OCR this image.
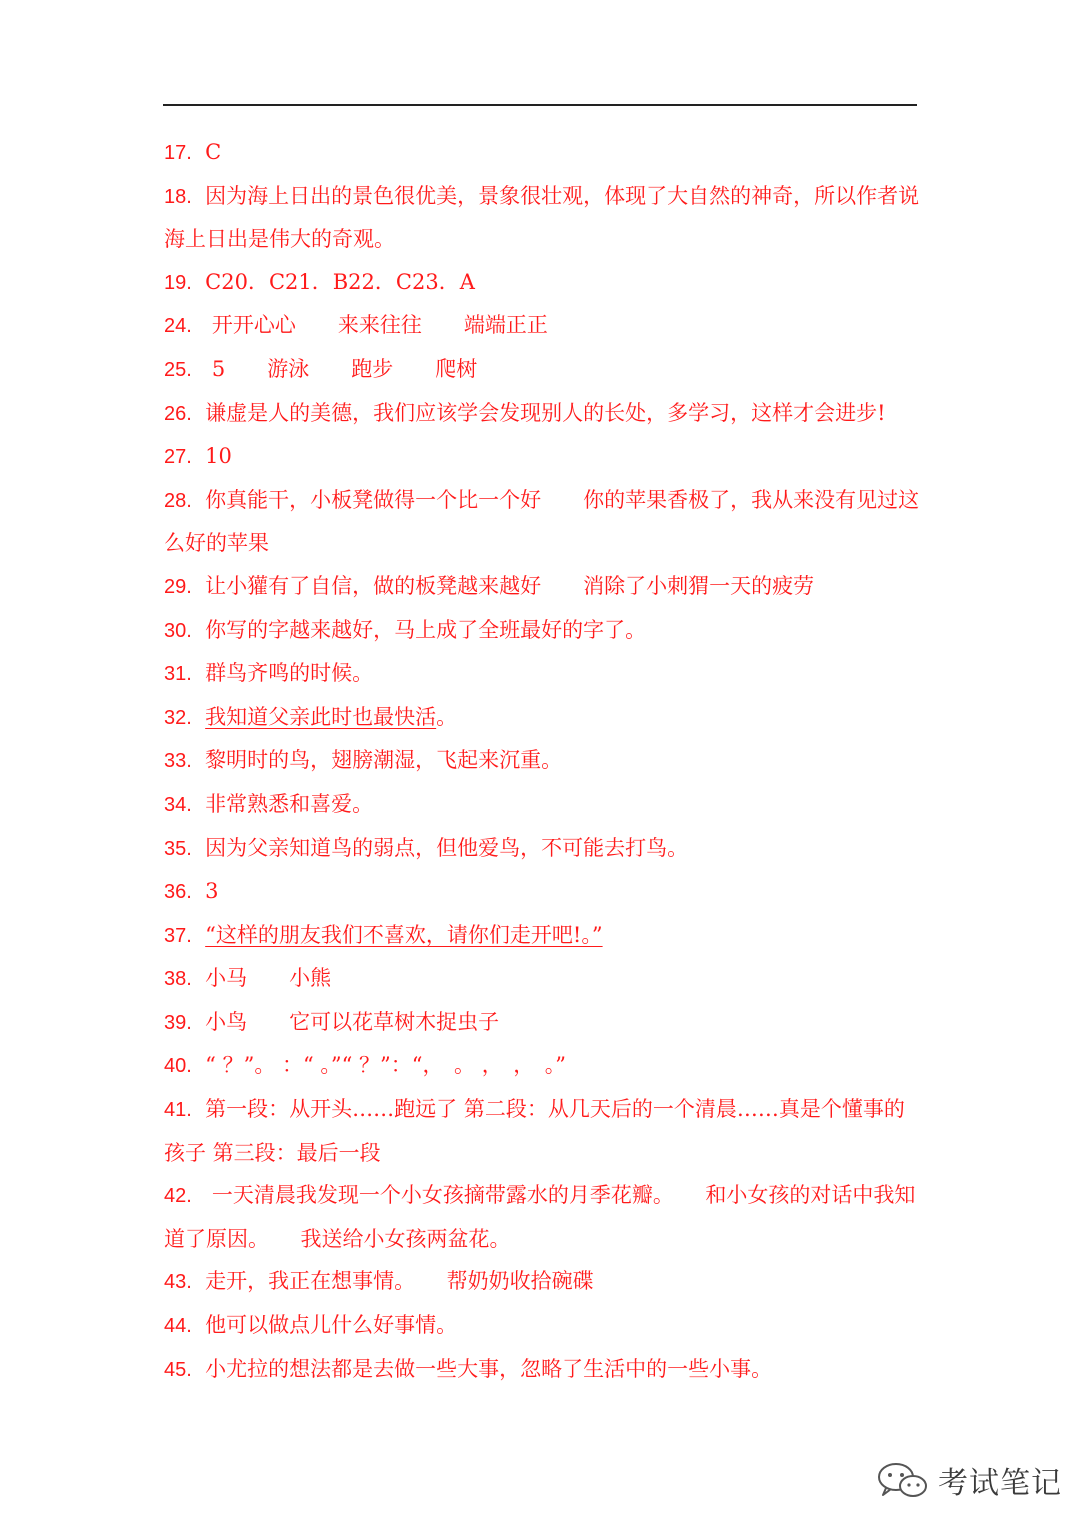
17. C
18. 因为海上日出的景色很优美，景象很壮观，体现了大自然的神奇，所以作者说海上日出是伟大的奇观。
19. C20．C21．B22．C23．A
24.   开开心心　　来来往往　　端端正正
25.   5　　游泳　　跑步　　爬树
26. 谦虚是人的美德，我们应该学会发现别人的长处，多学习，这样才会进步!
27. 10
28. 你真能干，小板凳做得一个比一个好　　你的苹果香极了，我从来没有见过这么好的苹果
29. 让小獾有了自信，做的板凳越来越好　　消除了小刺猬一天的疲劳
30. 你写的字越来越好，马上成了全班最好的字了。
31. 群鸟齐鸣的时候。
32. 我知道父亲此时也最快活。
33. 黎明时的鸟，翅膀潮湿，飞起来沉重。
34. 非常熟悉和喜爱。
35. 因为父亲知道鸟的弱点，但他爱鸟，不可能去打鸟。
36. 3
37. “这样的朋友我们不喜欢，请你们走开吧!。”
38. 小马　　小熊
39. 小鸟　　它可以花草树木捉虫子
40. “ ？”。 ：“ 。”“ ？”：“，　。 ，　，　。”
41. 第一段：从开头……跑远了 第二段：从几天后的一个清晨……真是个懂事的孩子 第三段：最后一段
42.   一天清晨我发现一个小女孩摘带露水的月季花瓣。　　和小女孩的对话中我知道了原因。　　我送给小女孩两盆花。
43. 走开，我正在想事情。　　帮奶奶收拾碗碟
44. 他可以做点儿什么好事情。
45. 小尤拉的想法都是去做一些大事，忽略了生活中的一些小事。
考试笔记
